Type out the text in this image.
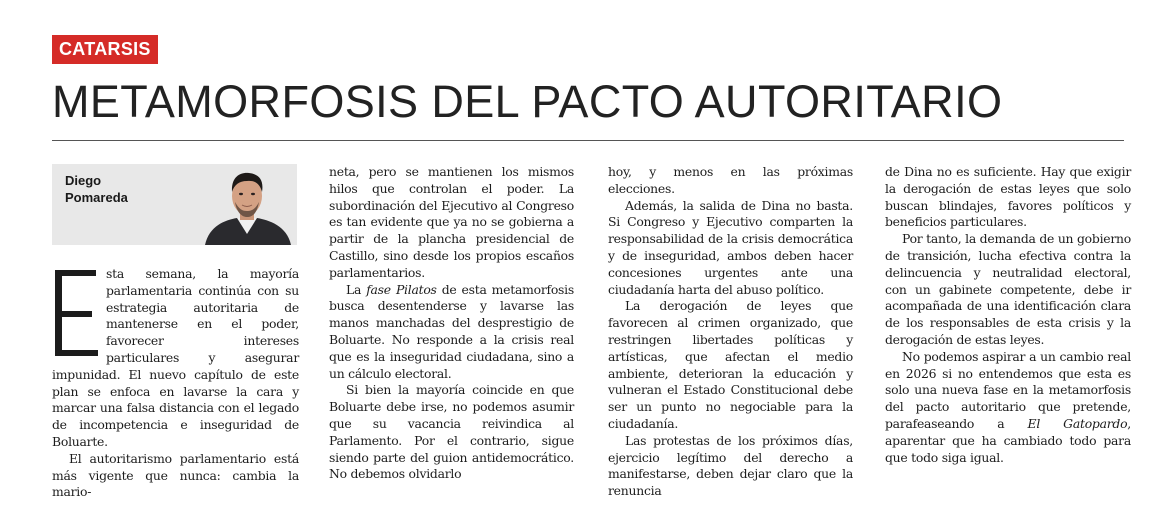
CATARSIS
METAMORFOSIS DEL PACTO AUTORITARIO
Diego
Pomareda

sta semana, la mayoría parlamentaria continúa con su estrategia autoritaria de mantenerse en el poder, favorecer intereses particulares y asegurar impunidad. El nuevo capítulo de este plan se enfoca en lavarse la cara y marcar una falsa distancia con el legado de incompetencia e inseguridad de Boluarte.

El autoritarismo parlamentario está más vigente que nunca: cambia la mario-

neta, pero se mantienen los mismos hilos que controlan el poder. La subordinación del Ejecutivo al Congreso es tan evidente que ya no se gobierna a partir de la plancha presidencial de Castillo, sino desde los propios escaños parlamentarios.

La fase Pilatos de esta metamorfosis busca desentenderse y lavarse las manos manchadas del desprestigio de Boluarte. No responde a la crisis real que es la inseguridad ciudadana, sino a un cálculo electoral.

Si bien la mayoría coincide en que Boluarte debe irse, no podemos asumir que su vacancia reivindica al Parlamento. Por el contrario, sigue siendo parte del guion antidemocrático. No debemos olvidarlo

hoy, y menos en las próximas elecciones.

Además, la salida de Dina no basta. Si Congreso y Ejecutivo comparten la responsabilidad de la crisis democrática y de inseguridad, ambos deben hacer concesiones urgentes ante una ciudadanía harta del abuso político.

La derogación de leyes que favorecen al crimen organizado, que restringen libertades políticas y artísticas, que afectan el medio ambiente, deterioran la educación y vulneran el Estado Constitucional debe ser un punto no negociable para la ciudadanía.

Las protestas de los próximos días, ejercicio legítimo del derecho a manifestarse, deben dejar claro que la renuncia

de Dina no es suficiente. Hay que exigir la derogación de estas leyes que solo buscan blindajes, favores políticos y beneficios particulares.

Por tanto, la demanda de un gobierno de transición, lucha efectiva contra la delincuencia y neutralidad electoral, con un gabinete competente, debe ir acompañada de una identificación clara de los responsables de esta crisis y la derogación de estas leyes.

No podemos aspirar a un cambio real en 2026 si no entendemos que esta es solo una nueva fase en la metamorfosis del pacto autoritario que pretende, parafeaseando a El Gatopardo, aparentar que ha cambiado todo para que todo siga igual.
